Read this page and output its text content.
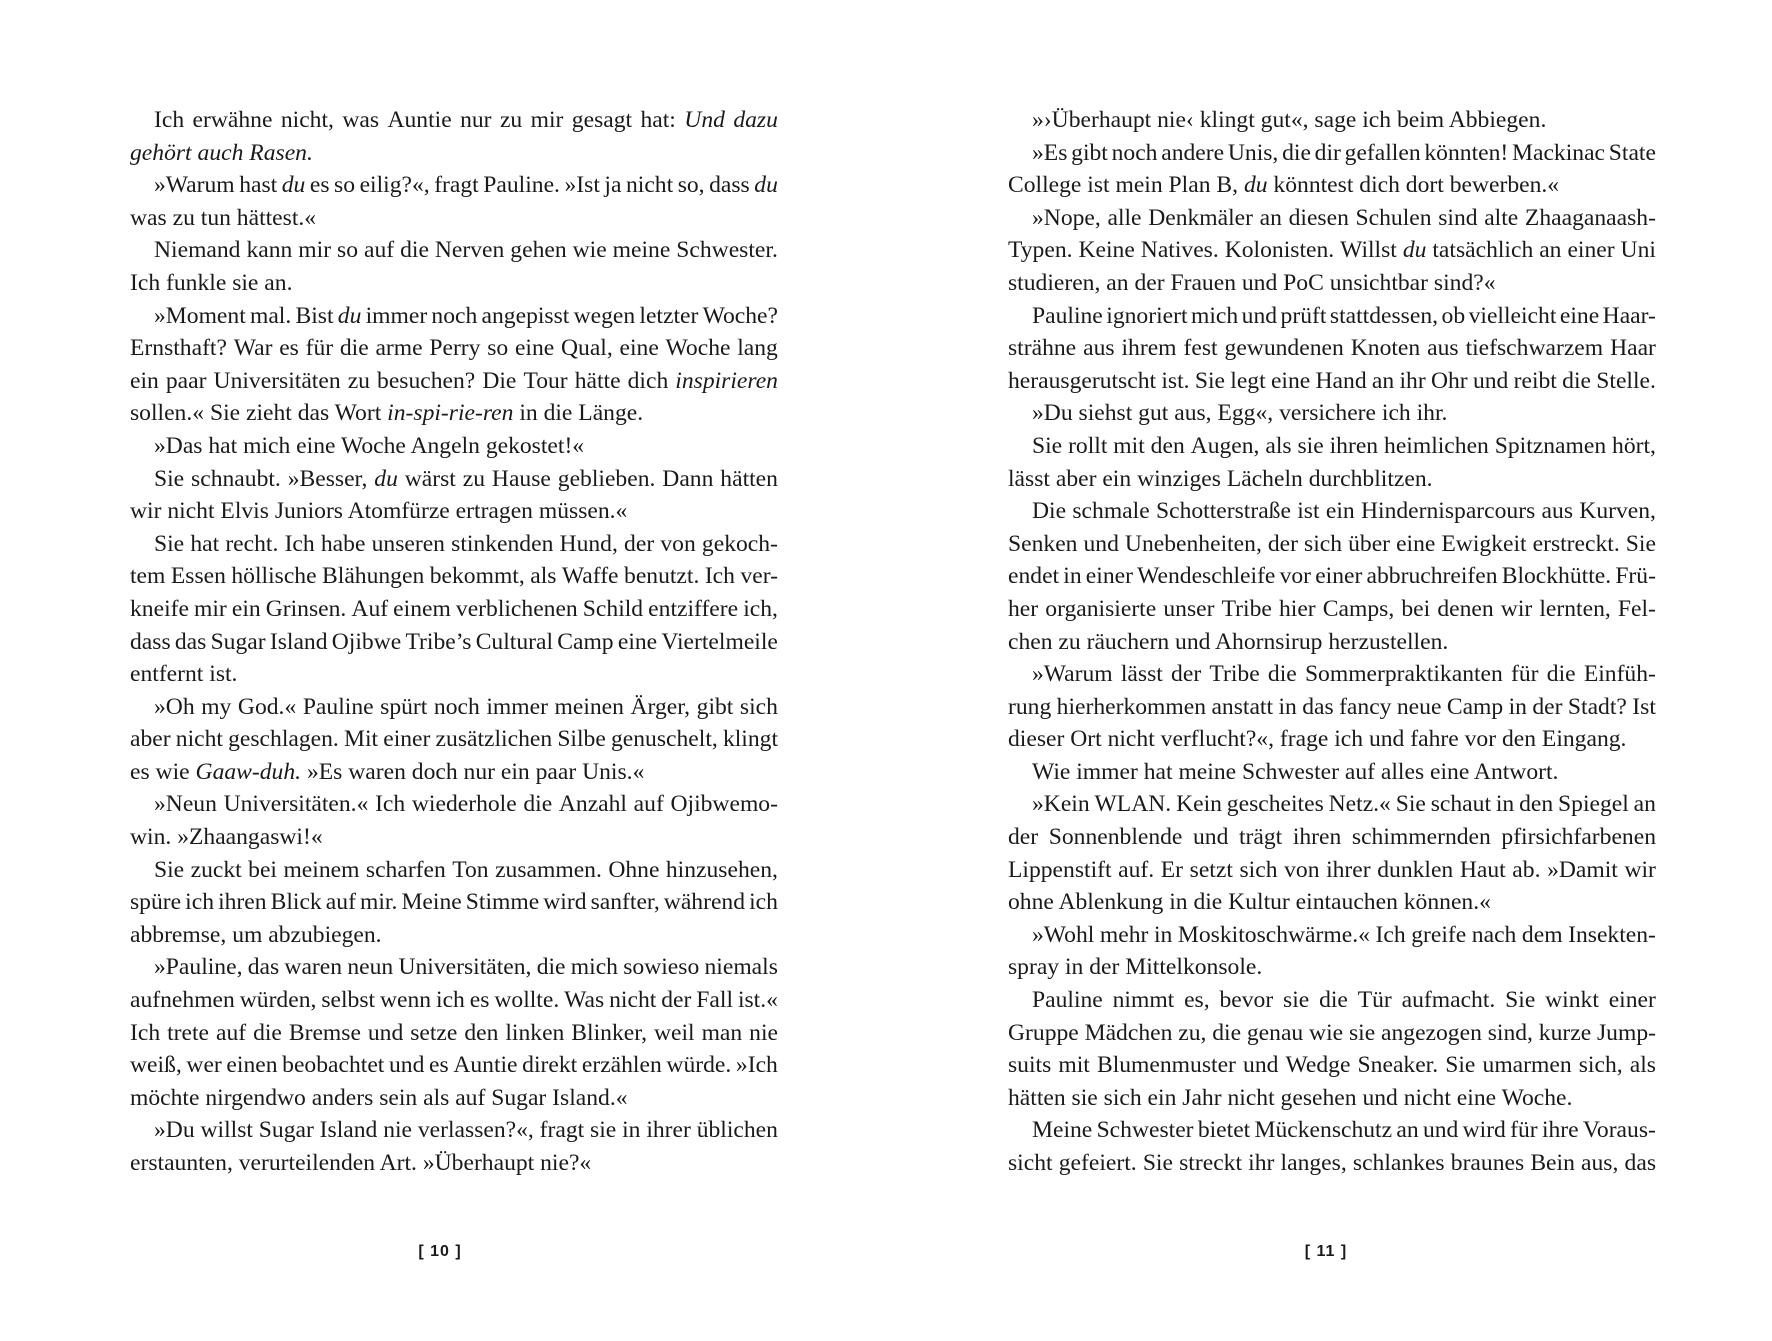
Ich erwähne nicht, was Auntie nur zu mir gesagt hat: Und dazu
gehört auch Rasen.
»Warum hast du es so eilig?«, fragt Pauline. »Ist ja nicht so, dass du
was zu tun hättest.«
Niemand kann mir so auf die Nerven gehen wie meine Schwester.
Ich funkle sie an.
»Moment mal. Bist du immer noch angepisst wegen letzter Woche?
Ernsthaft? War es für die arme Perry so eine Qual, eine Woche lang
ein paar Universitäten zu besuchen? Die Tour hätte dich inspirieren
sollen.« Sie zieht das Wort in-spi-rie-ren in die Länge.
»Das hat mich eine Woche Angeln gekostet!«
Sie schnaubt. »Besser, du wärst zu Hause geblieben. Dann hätten
wir nicht Elvis Juniors Atomfürze ertragen müssen.«
Sie hat recht. Ich habe unseren stinkenden Hund, der von gekoch-
tem Essen höllische Blähungen bekommt, als Waffe benutzt. Ich ver-
kneife mir ein Grinsen. Auf einem verblichenen Schild entziffere ich,
dass das Sugar Island Ojibwe Tribe’s Cultural Camp eine Viertelmeile
entfernt ist.
»Oh my God.« Pauline spürt noch immer meinen Ärger, gibt sich
aber nicht geschlagen. Mit einer zusätzlichen Silbe genuschelt, klingt
es wie Gaaw-duh. »Es waren doch nur ein paar Unis.«
»Neun Universitäten.« Ich wiederhole die Anzahl auf Ojibwemo-
win. »Zhaangaswi!«
Sie zuckt bei meinem scharfen Ton zusammen. Ohne hinzusehen,
spüre ich ihren Blick auf mir. Meine Stimme wird sanfter, während ich
abbremse, um abzubiegen.
»Pauline, das waren neun Universitäten, die mich sowieso niemals
aufnehmen würden, selbst wenn ich es wollte. Was nicht der Fall ist.«
Ich trete auf die Bremse und setze den linken Blinker, weil man nie
weiß, wer einen beobachtet und es Auntie direkt erzählen würde. »Ich
möchte nirgendwo anders sein als auf Sugar Island.«
»Du willst Sugar Island nie verlassen?«, fragt sie in ihrer üblichen
erstaunten, verurteilenden Art. »Überhaupt nie?«
[ 10 ]
»›Überhaupt nie‹ klingt gut«, sage ich beim Abbiegen.
»Es gibt noch andere Unis, die dir gefallen könnten! Mackinac State
College ist mein Plan B, du könntest dich dort bewerben.«
»Nope, alle Denkmäler an diesen Schulen sind alte Zhaaganaash-
Typen. Keine Natives. Kolonisten. Willst du tatsächlich an einer Uni
studieren, an der Frauen und PoC unsichtbar sind?«
Pauline ignoriert mich und prüft stattdessen, ob vielleicht eine Haar-
strähne aus ihrem fest gewundenen Knoten aus tiefschwarzem Haar
herausgerutscht ist. Sie legt eine Hand an ihr Ohr und reibt die Stelle.
»Du siehst gut aus, Egg«, versichere ich ihr.
Sie rollt mit den Augen, als sie ihren heimlichen Spitznamen hört,
lässt aber ein winziges Lächeln durchblitzen.
Die schmale Schotterstraße ist ein Hindernisparcours aus Kurven,
Senken und Unebenheiten, der sich über eine Ewigkeit erstreckt. Sie
endet in einer Wendeschleife vor einer abbruchreifen Blockhütte. Frü-
her organisierte unser Tribe hier Camps, bei denen wir lernten, Fel-
chen zu räuchern und Ahornsirup herzustellen.
»Warum lässt der Tribe die Sommerpraktikanten für die Einfüh-
rung hierherkommen anstatt in das fancy neue Camp in der Stadt? Ist
dieser Ort nicht verflucht?«, frage ich und fahre vor den Eingang.
Wie immer hat meine Schwester auf alles eine Antwort.
»Kein WLAN. Kein gescheites Netz.« Sie schaut in den Spiegel an
der Sonnenblende und trägt ihren schimmernden pfirsichfarbenen
Lippenstift auf. Er setzt sich von ihrer dunklen Haut ab. »Damit wir
ohne Ablenkung in die Kultur eintauchen können.«
»Wohl mehr in Moskitoschwärme.« Ich greife nach dem Insekten-
spray in der Mittelkonsole.
Pauline nimmt es, bevor sie die Tür aufmacht. Sie winkt einer
Gruppe Mädchen zu, die genau wie sie angezogen sind, kurze Jump-
suits mit Blumenmuster und Wedge Sneaker. Sie umarmen sich, als
hätten sie sich ein Jahr nicht gesehen und nicht eine Woche.
Meine Schwester bietet Mückenschutz an und wird für ihre Voraus-
sicht gefeiert. Sie streckt ihr langes, schlankes braunes Bein aus, das
[ 11 ]
